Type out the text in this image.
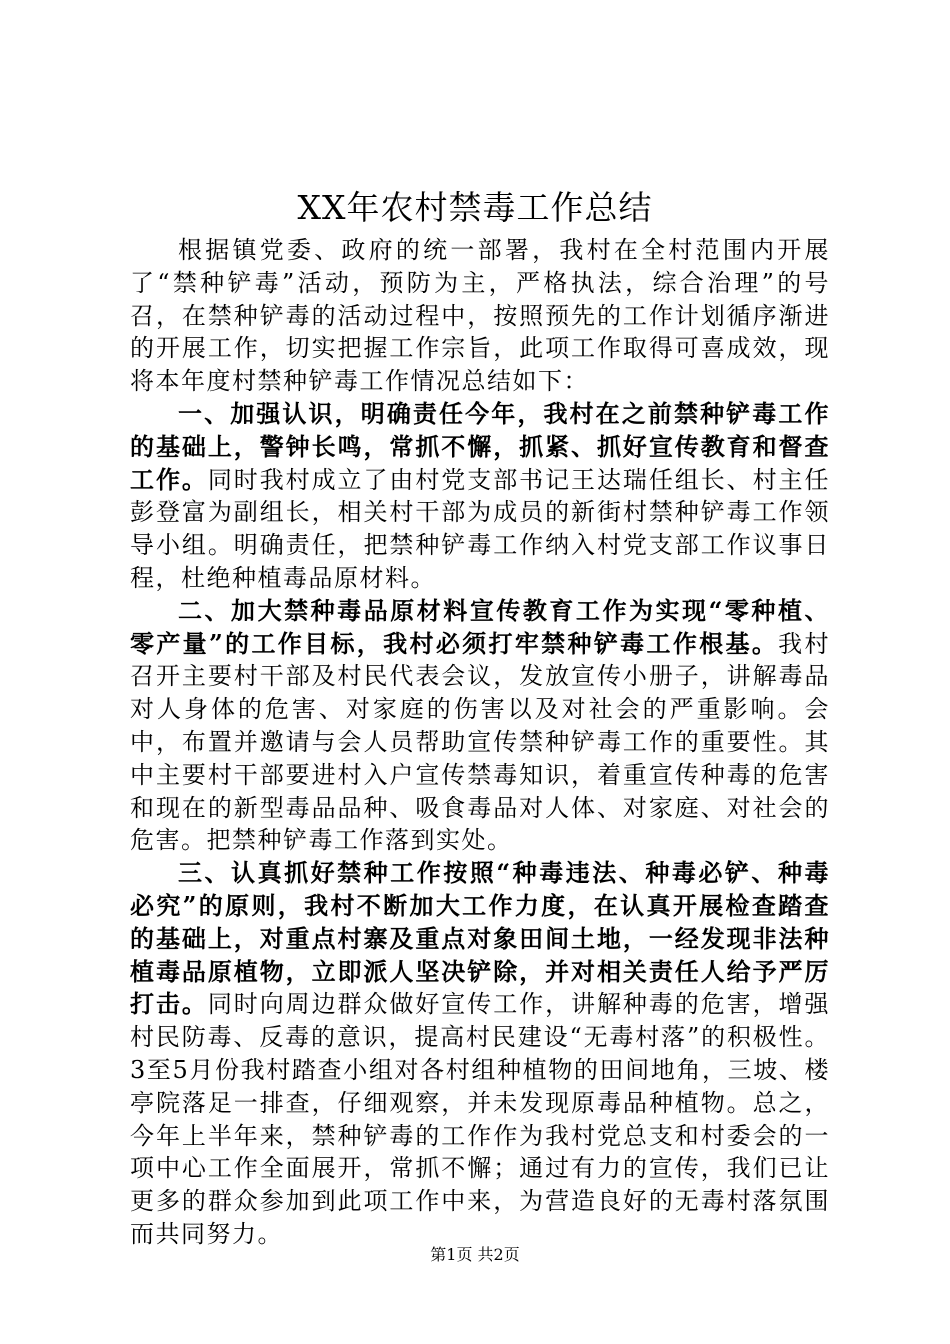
XX年农村禁毒工作总结

根据镇党委、政府的统一部署，我村在全村范围内开展了“禁种铲毒”活动，预防为主，严格执法，综合治理”的号召，在禁种铲毒的活动过程中，按照预先的工作计划循序渐进的开展工作，切实把握工作宗旨，此项工作取得可喜成效，现将本年度村禁种铲毒工作情况总结如下：

一、加强认识，明确责任今年，我村在之前禁种铲毒工作的基础上，警钟长鸣，常抓不懈，抓紧、抓好宣传教育和督查工作。同时我村成立了由村党支部书记王达瑞任组长、村主任彭登富为副组长，相关村干部为成员的新街村禁种铲毒工作领导小组。明确责任，把禁种铲毒工作纳入村党支部工作议事日程，杜绝种植毒品原材料。

二、加大禁种毒品原材料宣传教育工作为实现“零种植、零产量”的工作目标，我村必须打牢禁种铲毒工作根基。我村召开主要村干部及村民代表会议，发放宣传小册子，讲解毒品对人身体的危害、对家庭的伤害以及对社会的严重影响。会中，布置并邀请与会人员帮助宣传禁种铲毒工作的重要性。其中主要村干部要进村入户宣传禁毒知识，着重宣传种毒的危害和现在的新型毒品品种、吸食毒品对人体、对家庭、对社会的危害。把禁种铲毒工作落到实处。

三、认真抓好禁种工作按照“种毒违法、种毒必铲、种毒必究”的原则，我村不断加大工作力度，在认真开展检查踏查的基础上，对重点村寨及重点对象田间土地，一经发现非法种植毒品原植物，立即派人坚决铲除，并对相关责任人给予严厉打击。同时向周边群众做好宣传工作，讲解种毒的危害，增强村民防毒、反毒的意识，提高村民建设“无毒村落”的积极性。3至5月份我村踏查小组对各村组种植物的田间地角，三坡、楼亭院落足一排查，仔细观察，并未发现原毒品种植物。总之，今年上半年来，禁种铲毒的工作作为我村党总支和村委会的一项中心工作全面展开，常抓不懈；通过有力的宣传，我们已让更多的群众参加到此项工作中来，为营造良好的无毒村落氛围而共同努力。

第1页 共2页
